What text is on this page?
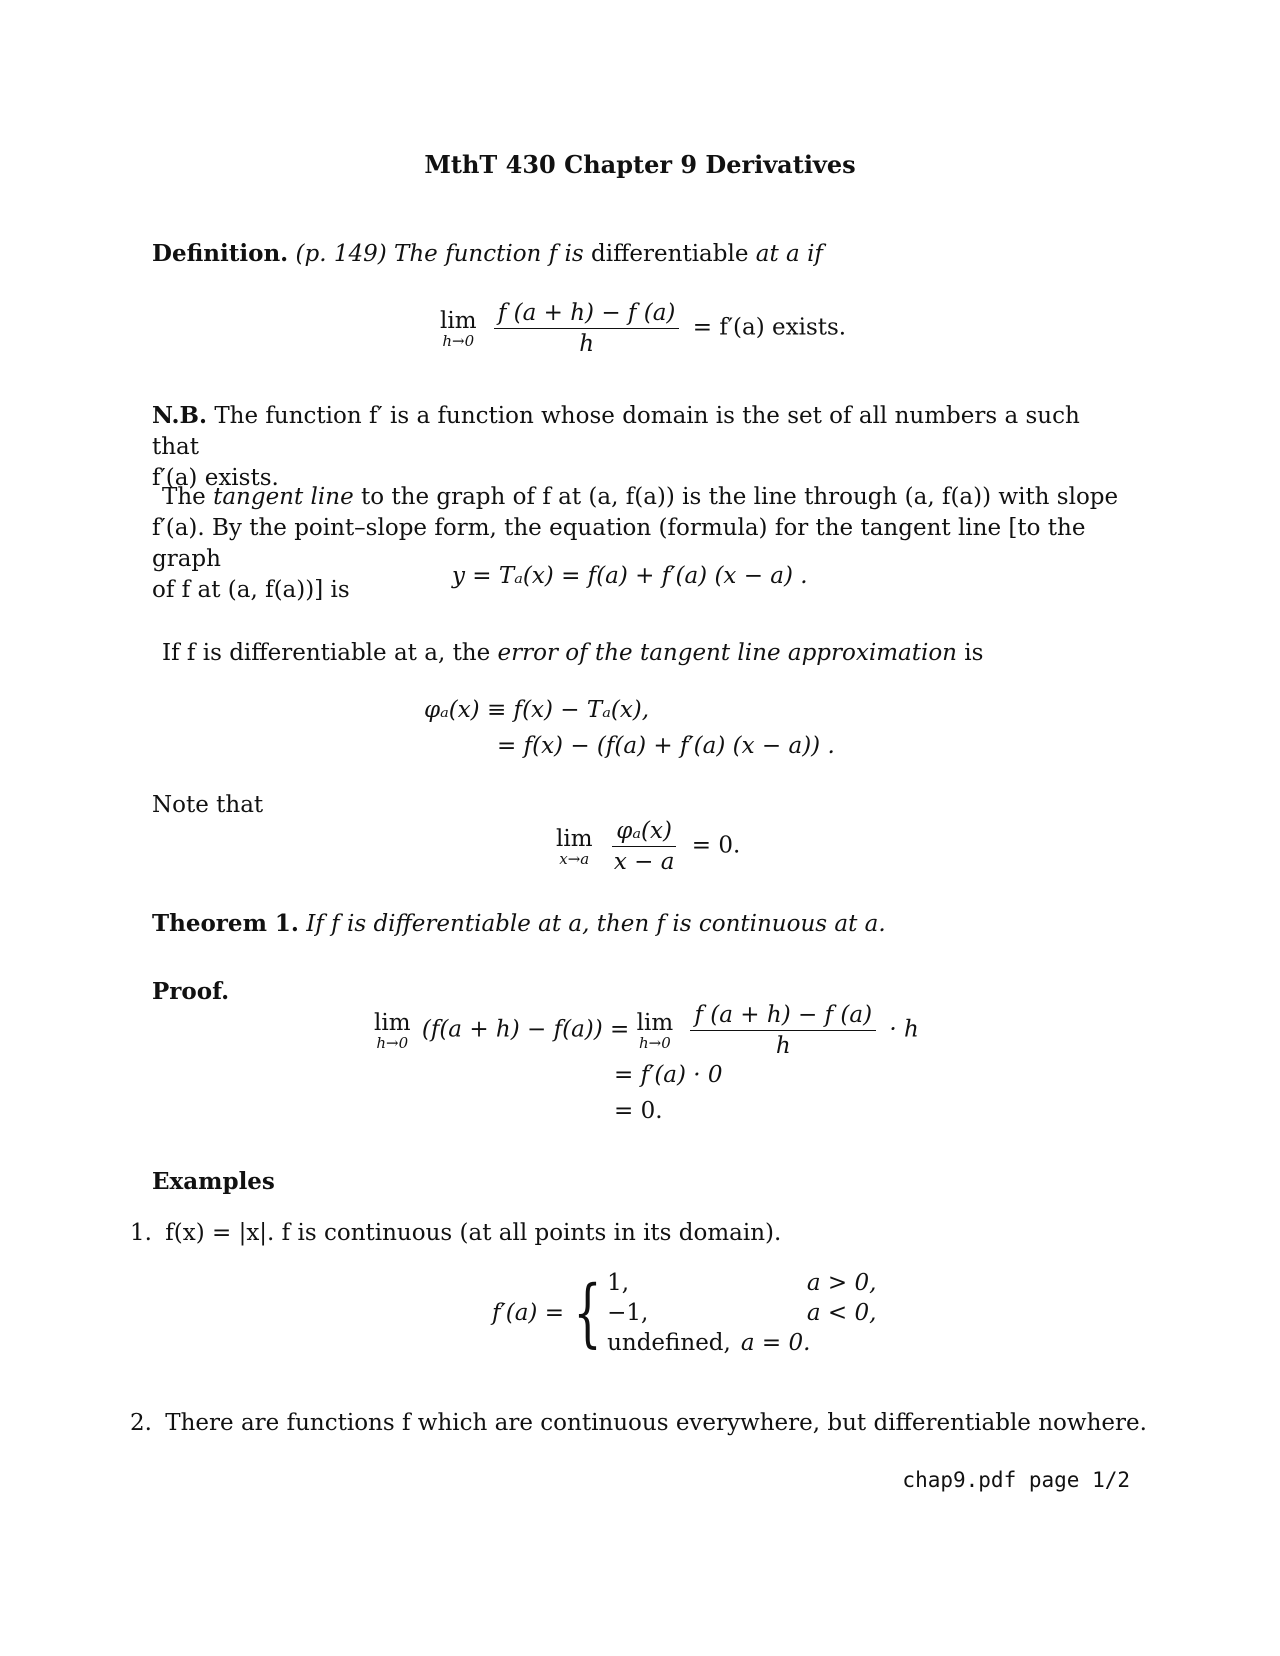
MthT 430 Chapter 9 Derivatives
Definition. (p. 149) The function f is differentiable at a if
lim
h→0
$\frac{f (a + h) - f (a)}{h} = f'(a)$ exists.
N.B. The function f′ is a function whose domain is the set of all numbers a such that
f′(a) exists.
The tangent line to the graph of f at (a, f(a)) is the line through (a, f(a)) with slope
f′(a). By the point–slope form, the equation (formula) for the tangent line [to the graph
of f at (a, f(a))] is
y = Tₐ(x) = f(a) + f′(a) (x − a) .
If f is differentiable at a, the error of the tangent line approximation is
φₐ(x) ≡ f(x) − Tₐ(x),
= f(x) − (f(a) + f′(a) (x − a)) .
Note that
lim
x→a
$\frac{\text{φₐ(x)}}{x - a} = 0$.
Theorem 1. If f is differentiable at a, then f is continuous at a.
Proof.
lim
h→0 (f(a + h) − f(a)) = lim
h→0
$\frac{f (a + h) - f (a)}{h} \cdot h$
= f′(a) · 0
= 0.
Examples
1. f(x) = |x|. f is continuous (at all points in its domain).
f′(a) = { 1,	a > 0,
−1,	a < 0,
undefined,	a = 0.
2. There are functions f which are continuous everywhere, but differentiable nowhere.
chap9.pdf page 1/2
